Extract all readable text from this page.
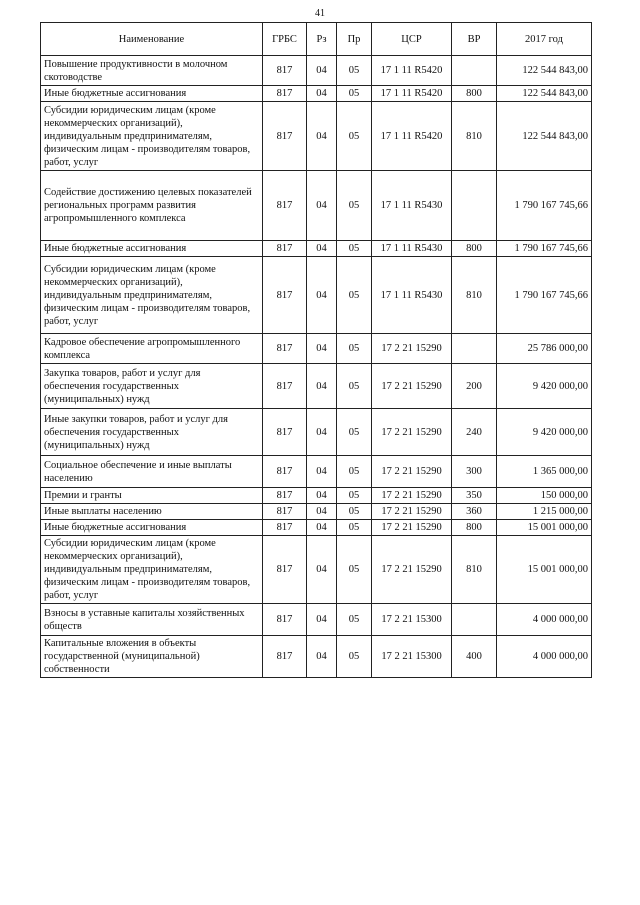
41
Наименование	ГРБС	Рз	Пр	ЦСР	ВР	2017 год
Повышение продуктивности в молочном скотоводстве	817	04	05	17 1 11 R5420		122 544 843,00
Иные бюджетные ассигнования	817	04	05	17 1 11 R5420	800	122 544 843,00
Субсидии юридическим лицам (кроме некоммерческих организаций), индивидуальным предпринимателям, физическим лицам - производителям товаров, работ, услуг	817	04	05	17 1 11 R5420	810	122 544 843,00
Содействие достижению целевых показателей региональных программ развития агропромышленного комплекса	817	04	05	17 1 11 R5430		1 790 167 745,66
Иные бюджетные ассигнования	817	04	05	17 1 11 R5430	800	1 790 167 745,66
Субсидии юридическим лицам (кроме некоммерческих организаций), индивидуальным предпринимателям, физическим лицам - производителям товаров, работ, услуг	817	04	05	17 1 11 R5430	810	1 790 167 745,66
Кадровое обеспечение агропромышленного комплекса	817	04	05	17 2 21 15290		25 786 000,00
Закупка товаров, работ и услуг для обеспечения государственных (муниципальных) нужд	817	04	05	17 2 21 15290	200	9 420 000,00
Иные закупки товаров, работ и услуг для обеспечения государственных (муниципальных) нужд	817	04	05	17 2 21 15290	240	9 420 000,00
Социальное обеспечение и иные выплаты населению	817	04	05	17 2 21 15290	300	1 365 000,00
Премии и гранты	817	04	05	17 2 21 15290	350	150 000,00
Иные выплаты населению	817	04	05	17 2 21 15290	360	1 215 000,00
Иные бюджетные ассигнования	817	04	05	17 2 21 15290	800	15 001 000,00
Субсидии юридическим лицам (кроме некоммерческих организаций), индивидуальным предпринимателям, физическим лицам - производителям товаров, работ, услуг	817	04	05	17 2 21 15290	810	15 001 000,00
Взносы в уставные капиталы хозяйственных обществ	817	04	05	17 2 21 15300		4 000 000,00
Капитальные вложения в объекты государственной (муниципальной) собственности	817	04	05	17 2 21 15300	400	4 000 000,00
